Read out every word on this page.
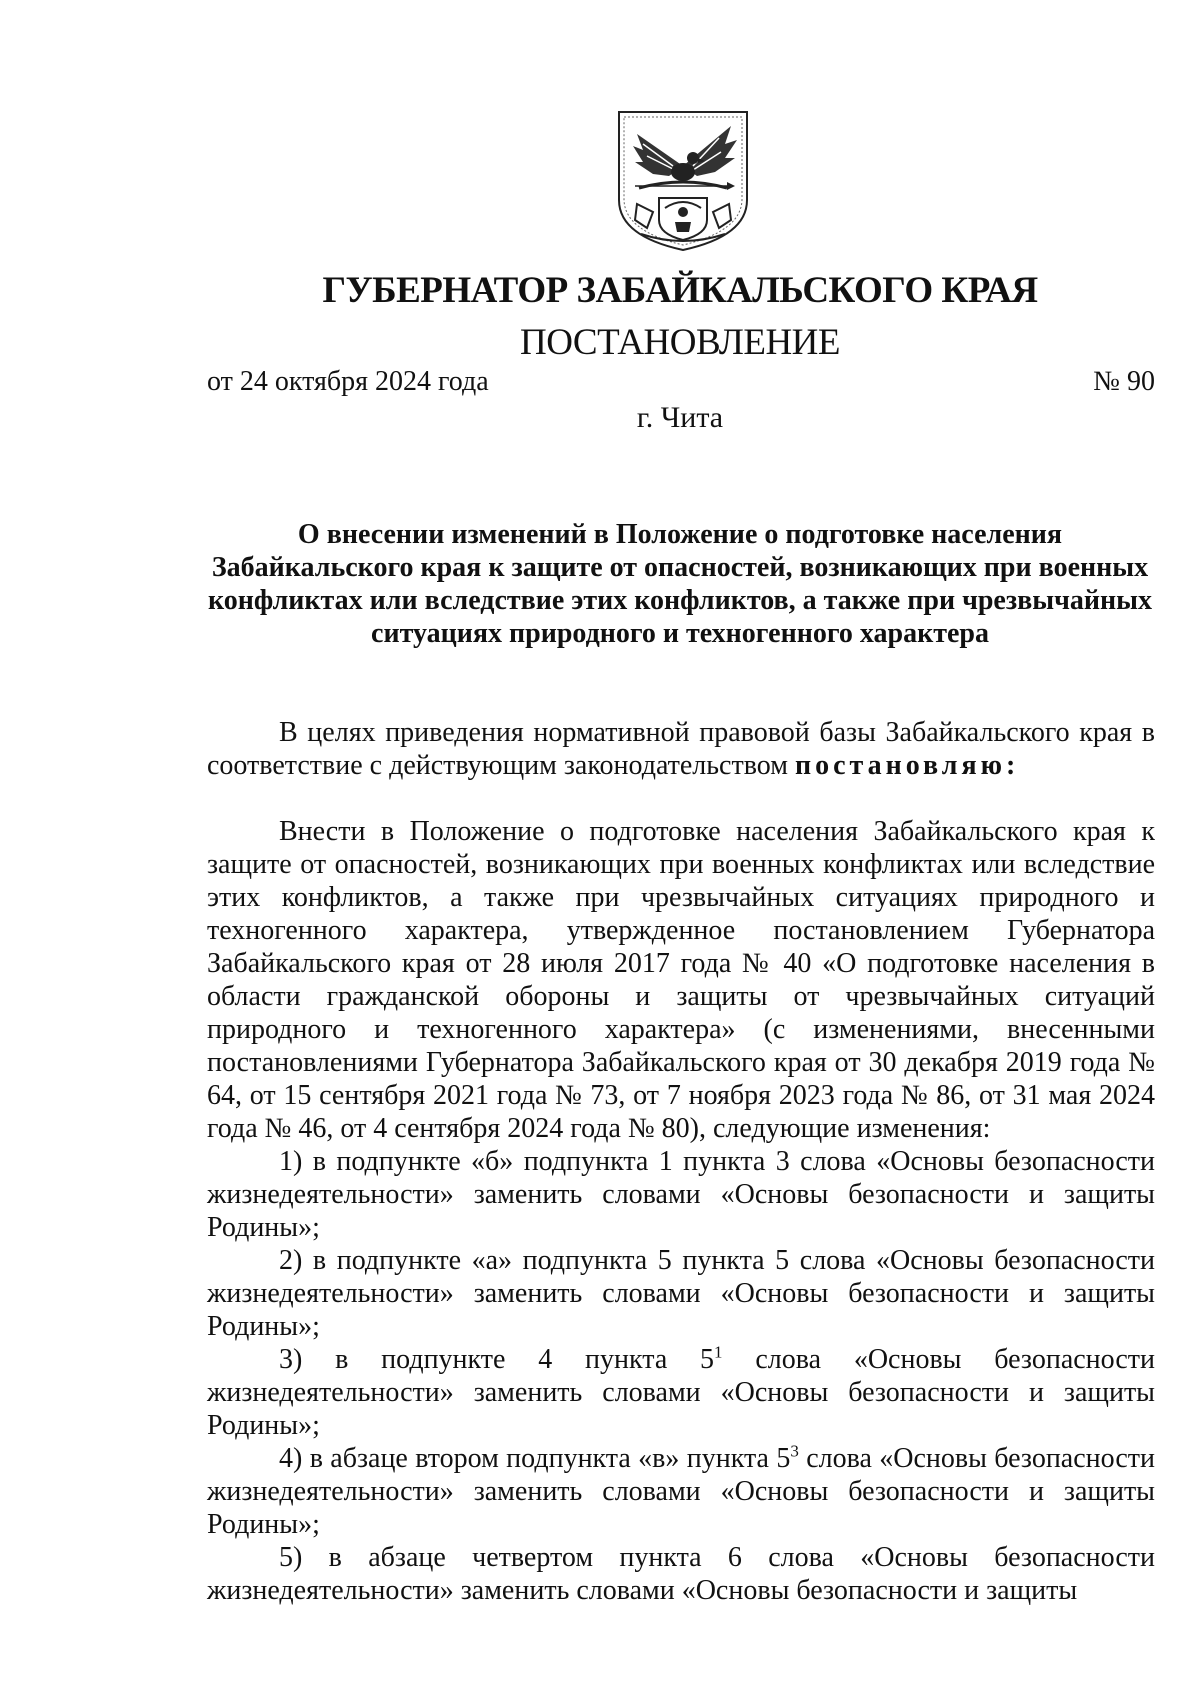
ГУБЕРНАТОР ЗАБАЙКАЛЬСКОГО КРАЯ
ПОСТАНОВЛЕНИЕ
от 24 октября 2024 года	№ 90
г. Чита
О внесении изменений в Положение о подготовке населения Забайкальского края к защите от опасностей, возникающих при военных конфликтах или вследствие этих конфликтов, а также при чрезвычайных ситуациях природного и техногенного характера

В целях приведения нормативной правовой базы Забайкальского края в соответствие с действующим законодательством постановляю:

Внести в Положение о подготовке населения Забайкальского края к защите от опасностей, возникающих при военных конфликтах или вследствие этих конфликтов, а также при чрезвычайных ситуациях природного и техногенного характера, утвержденное постановлением Губернатора Забайкальского края от 28 июля 2017 года № 40 «О подготовке населения в области гражданской обороны и защиты от чрезвычайных ситуаций природного и техногенного характера» (с изменениями, внесенными постановлениями Губернатора Забайкальского края от 30 декабря 2019 года № 64, от 15 сентября 2021 года № 73, от 7 ноября 2023 года № 86, от 31 мая 2024 года № 46, от 4 сентября 2024 года № 80), следующие изменения:

1) в подпункте «б» подпункта 1 пункта 3 слова «Основы безопасности жизнедеятельности» заменить словами «Основы безопасности и защиты Родины»;

2) в подпункте «а» подпункта 5 пункта 5 слова «Основы безопасности жизнедеятельности» заменить словами «Основы безопасности и защиты Родины»;

3) в подпункте 4 пункта $5^1$ слова «Основы безопасности жизнедеятельности» заменить словами «Основы безопасности и защиты Родины»;

4) в абзаце втором подпункта «в» пункта $5^3$ слова «Основы безопасности жизнедеятельности» заменить словами «Основы безопасности и защиты Родины»;

5) в абзаце четвертом пункта 6 слова «Основы безопасности жизнедеятельности» заменить словами «Основы безопасности и защиты
